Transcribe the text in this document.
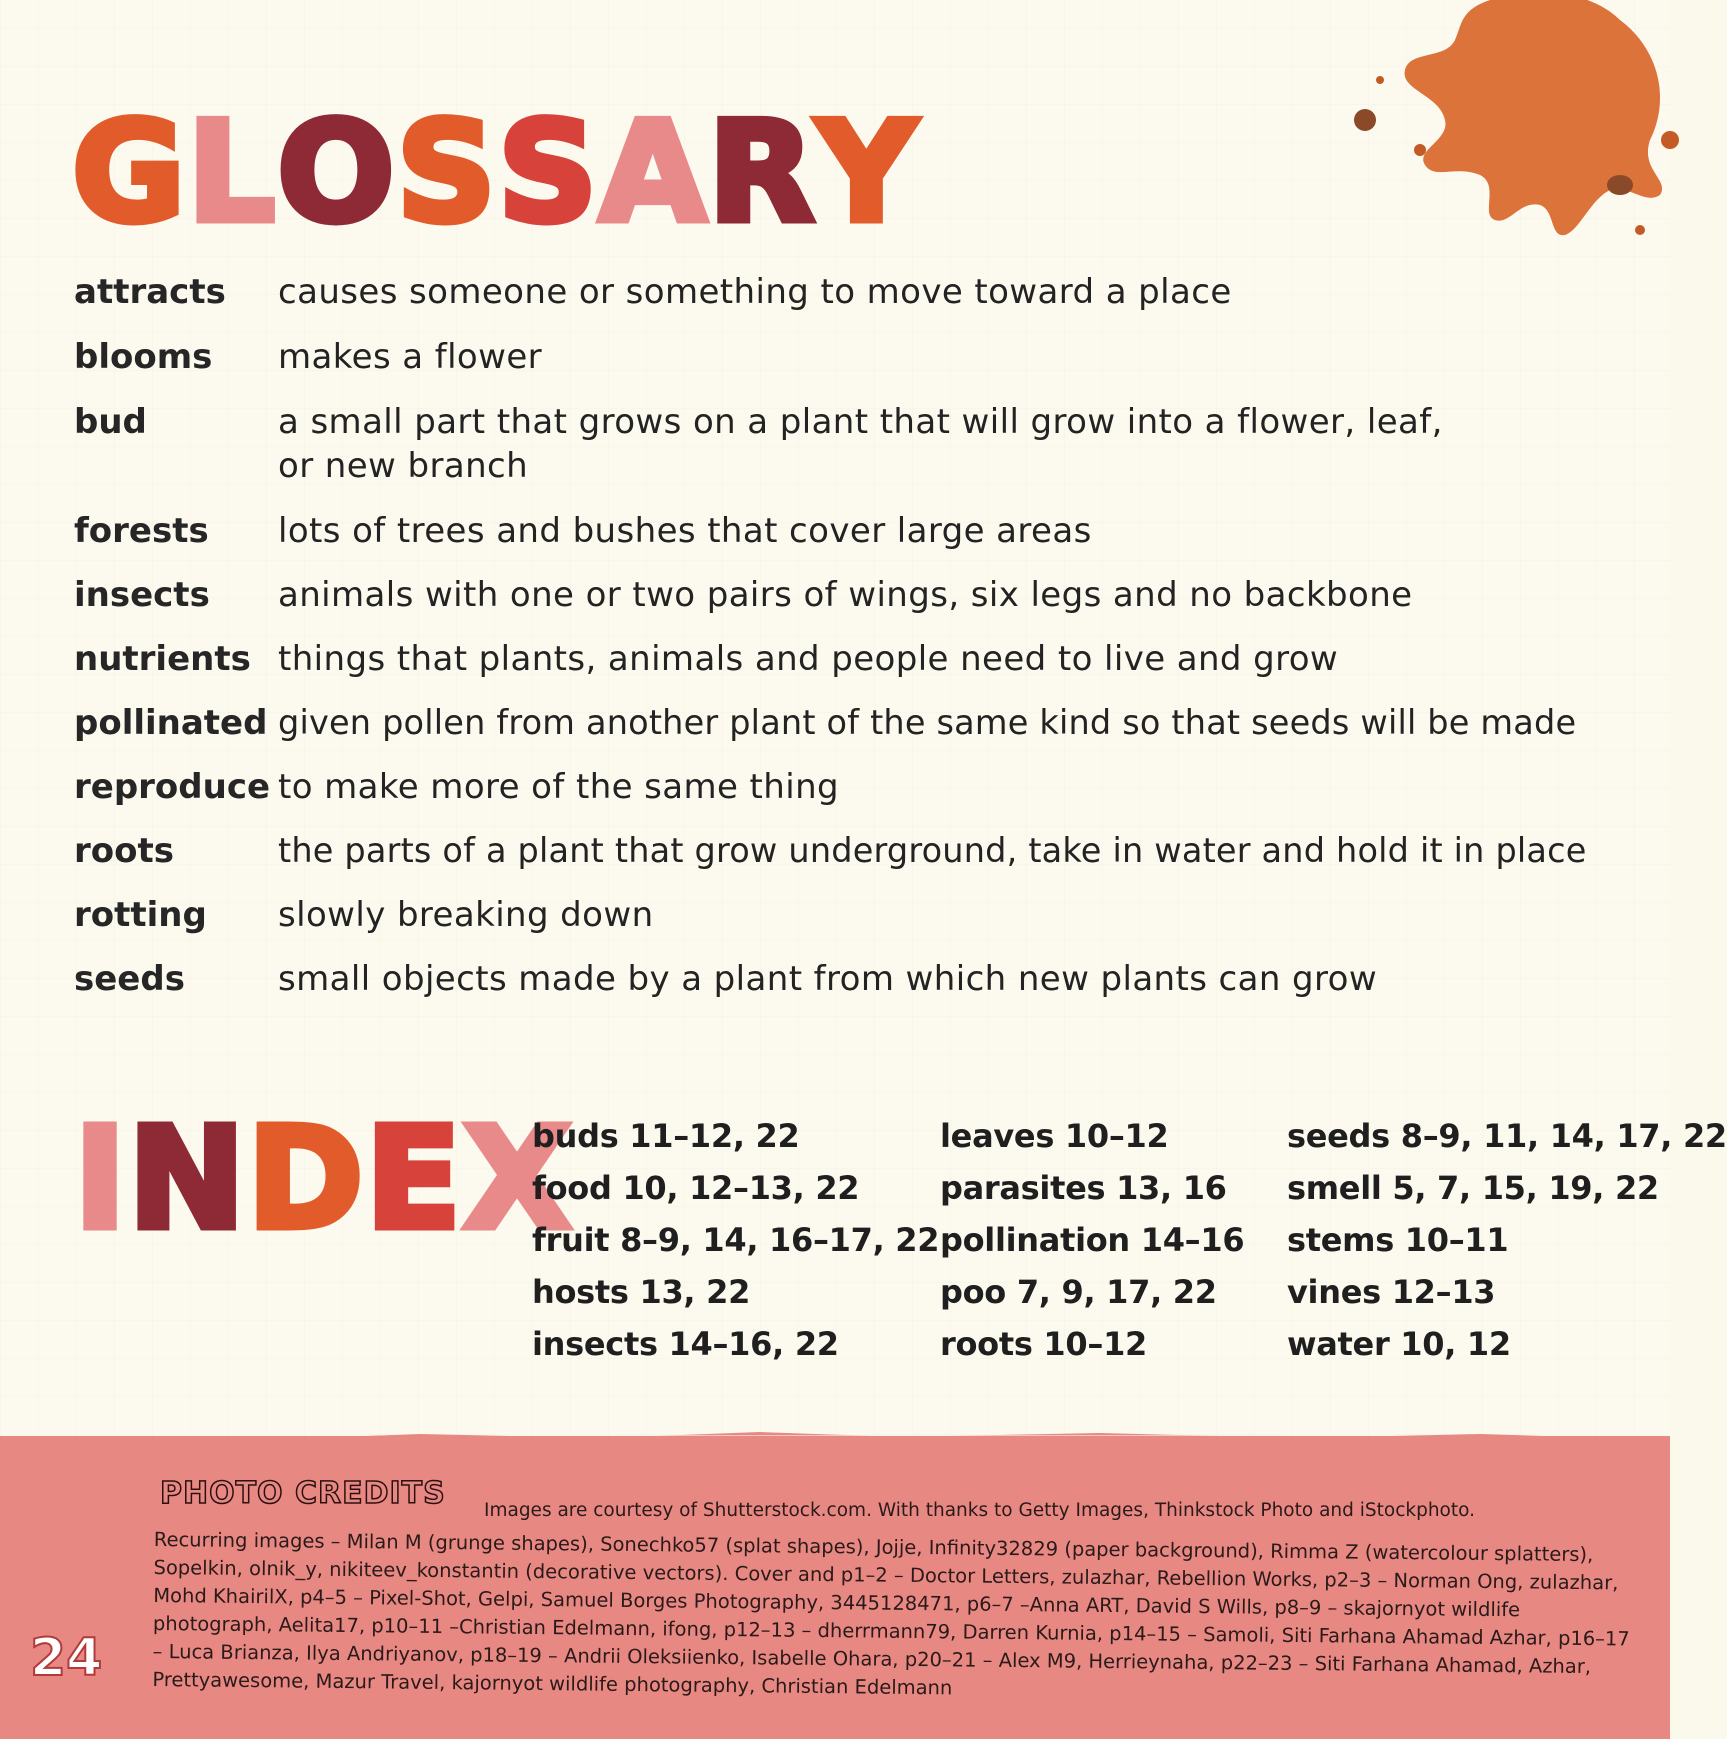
GLOSSARY
attracts	causes someone or something to move toward a place
blooms	makes a flower
bud	a small part that grows on a plant that will grow into a flower, leaf,
or new branch
forests	lots of trees and bushes that cover large areas
insects	animals with one or two pairs of wings, six legs and no backbone
nutrients things that plants, animals and people need to live and grow
pollinated given pollen from another plant of the same kind so that seeds will be made
reproduce to make more of the same thing
roots	the parts of a plant that grow underground, take in water and hold it in place
rotting	slowly breaking down
seeds	small objects made by a plant from which new plants can grow
INDEX
buds 11–12, 22
food 10, 12–13, 22
fruit 8–9, 14, 16–17, 22
hosts 13, 22
insects 14–16, 22
leaves 10–12
parasites 13, 16
pollination 14–16
poo 7, 9, 17, 22
roots 10–12
seeds 8–9, 11, 14, 17, 22
smell 5, 7, 15, 19, 22
stems 10–11
vines 12–13
water 10, 12
PHOTO CREDITS Images are courtesy of Shutterstock.com. With thanks to Getty Images, Thinkstock Photo and iStockphoto.
Recurring images – Milan M (grunge shapes), Sonechko57 (splat shapes), Jojje, Infinity32829 (paper background), Rimma Z (watercolour splatters), Sopelkin, olnik_y, nikiteev_konstantin (decorative vectors). Cover and p1–2 – Doctor Letters, zulazhar, Rebellion Works, p2–3 – Norman Ong, zulazhar, Mohd KhairilX, p4–5 – Pixel-Shot, Gelpi, Samuel Borges Photography, 3445128471, p6–7 –Anna ART, David S Wills, p8–9 – skajornyot wildlife photograph, Aelita17, p10–11 –Christian Edelmann, ifong, p12–13 – dherrmann79, Darren Kurnia, p14–15 – Samoli, Siti Farhana Ahamad Azhar, p16–17 – Luca Brianza, Ilya Andriyanov, p18–19 – Andrii Oleksiienko, Isabelle Ohara, p20–21 – Alex M9, Herrieynaha, p22–23 – Siti Farhana Ahamad, Azhar, Prettyawesome, Mazur Travel, kajornyot wildlife photography, Christian Edelmann
24
